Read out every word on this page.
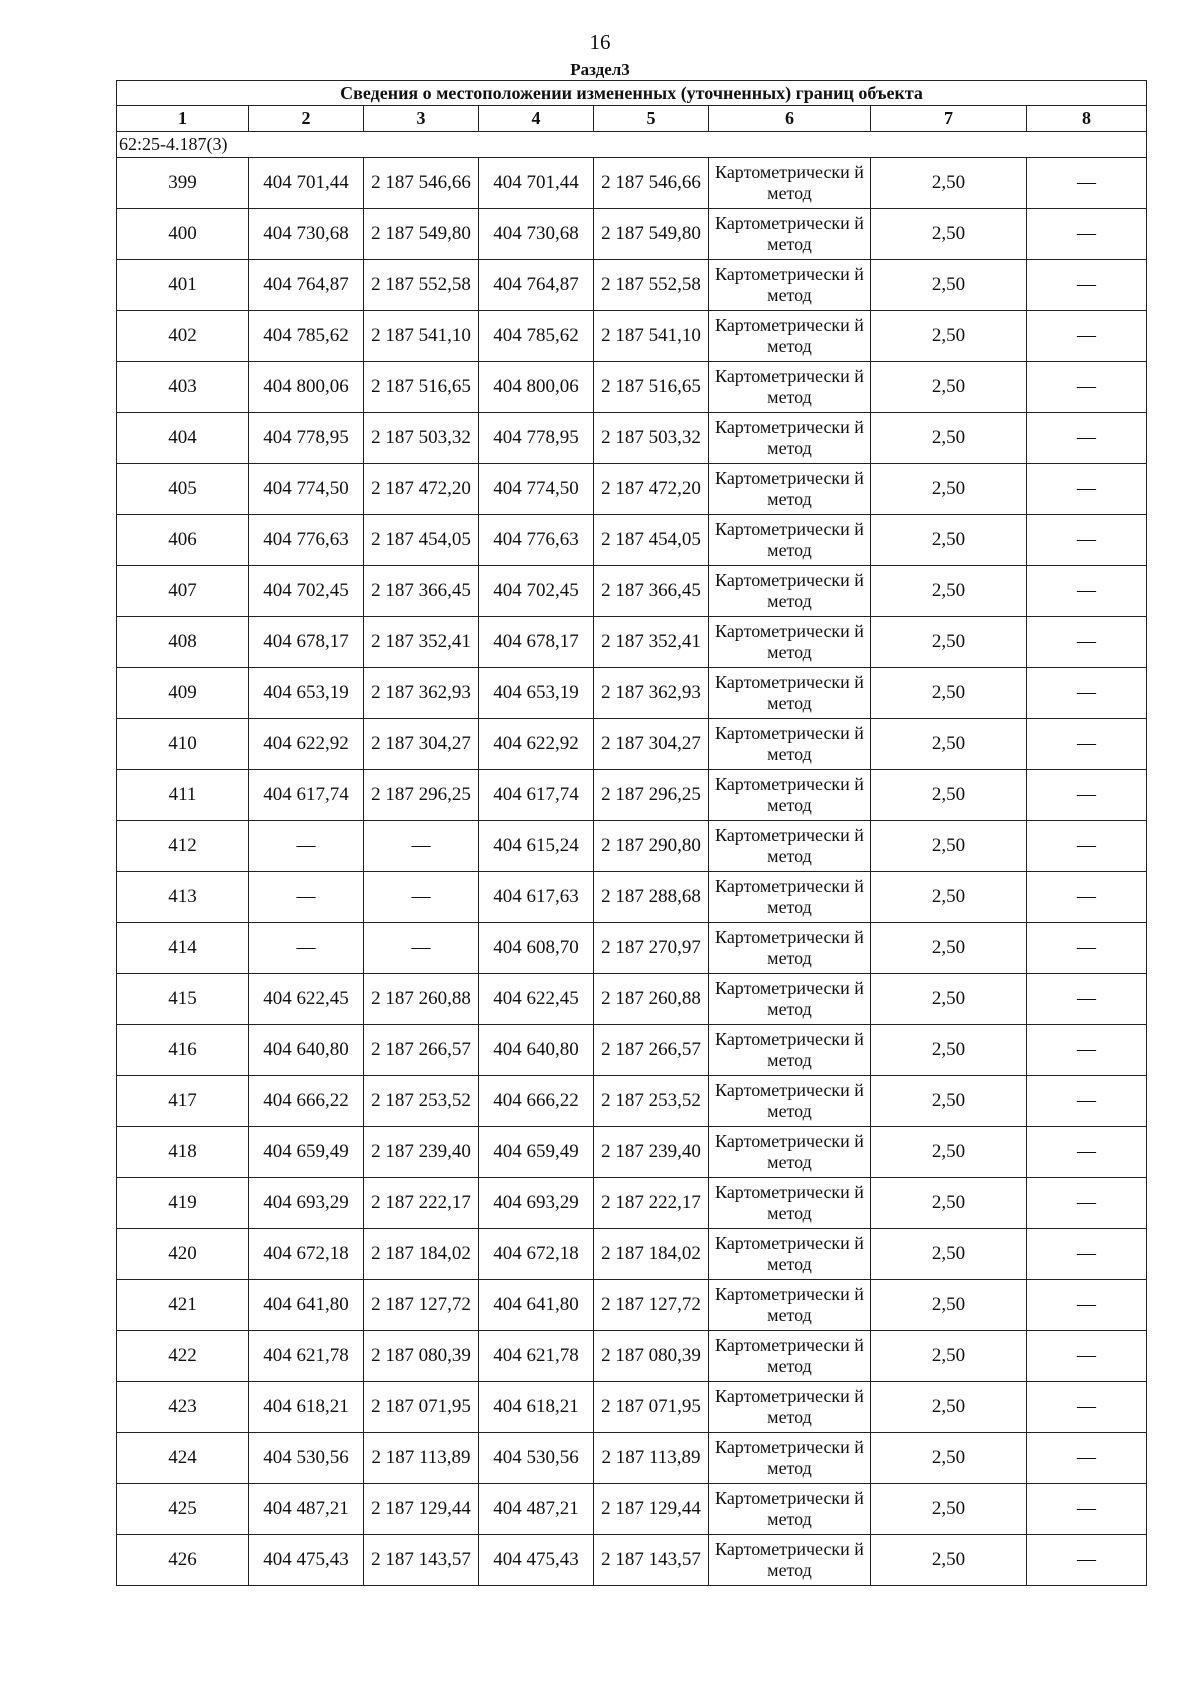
16
Раздел3
Сведения о местоположении измененных (уточненных) границ объекта							
1	2	3	4	5	6	7	8
62:25-4.187(3)							
399	404 701,44	2 187 546,66	404 701,44	2 187 546,66	Картометрически й метод	2,50	—
400	404 730,68	2 187 549,80	404 730,68	2 187 549,80	Картометрически й метод	2,50	—
401	404 764,87	2 187 552,58	404 764,87	2 187 552,58	Картометрически й метод	2,50	—
402	404 785,62	2 187 541,10	404 785,62	2 187 541,10	Картометрически й метод	2,50	—
403	404 800,06	2 187 516,65	404 800,06	2 187 516,65	Картометрически й метод	2,50	—
404	404 778,95	2 187 503,32	404 778,95	2 187 503,32	Картометрически й метод	2,50	—
405	404 774,50	2 187 472,20	404 774,50	2 187 472,20	Картометрически й метод	2,50	—
406	404 776,63	2 187 454,05	404 776,63	2 187 454,05	Картометрически й метод	2,50	—
407	404 702,45	2 187 366,45	404 702,45	2 187 366,45	Картометрически й метод	2,50	—
408	404 678,17	2 187 352,41	404 678,17	2 187 352,41	Картометрически й метод	2,50	—
409	404 653,19	2 187 362,93	404 653,19	2 187 362,93	Картометрически й метод	2,50	—
410	404 622,92	2 187 304,27	404 622,92	2 187 304,27	Картометрически й метод	2,50	—
411	404 617,74	2 187 296,25	404 617,74	2 187 296,25	Картометрически й метод	2,50	—
412	—	—	404 615,24	2 187 290,80	Картометрически й метод	2,50	—
413	—	—	404 617,63	2 187 288,68	Картометрически й метод	2,50	—
414	—	—	404 608,70	2 187 270,97	Картометрически й метод	2,50	—
415	404 622,45	2 187 260,88	404 622,45	2 187 260,88	Картометрически й метод	2,50	—
416	404 640,80	2 187 266,57	404 640,80	2 187 266,57	Картометрически й метод	2,50	—
417	404 666,22	2 187 253,52	404 666,22	2 187 253,52	Картометрически й метод	2,50	—
418	404 659,49	2 187 239,40	404 659,49	2 187 239,40	Картометрически й метод	2,50	—
419	404 693,29	2 187 222,17	404 693,29	2 187 222,17	Картометрически й метод	2,50	—
420	404 672,18	2 187 184,02	404 672,18	2 187 184,02	Картометрически й метод	2,50	—
421	404 641,80	2 187 127,72	404 641,80	2 187 127,72	Картометрически й метод	2,50	—
422	404 621,78	2 187 080,39	404 621,78	2 187 080,39	Картометрически й метод	2,50	—
423	404 618,21	2 187 071,95	404 618,21	2 187 071,95	Картометрически й метод	2,50	—
424	404 530,56	2 187 113,89	404 530,56	2 187 113,89	Картометрически й метод	2,50	—
425	404 487,21	2 187 129,44	404 487,21	2 187 129,44	Картометрически й метод	2,50	—
426	404 475,43	2 187 143,57	404 475,43	2 187 143,57	Картометрически й метод	2,50	—
